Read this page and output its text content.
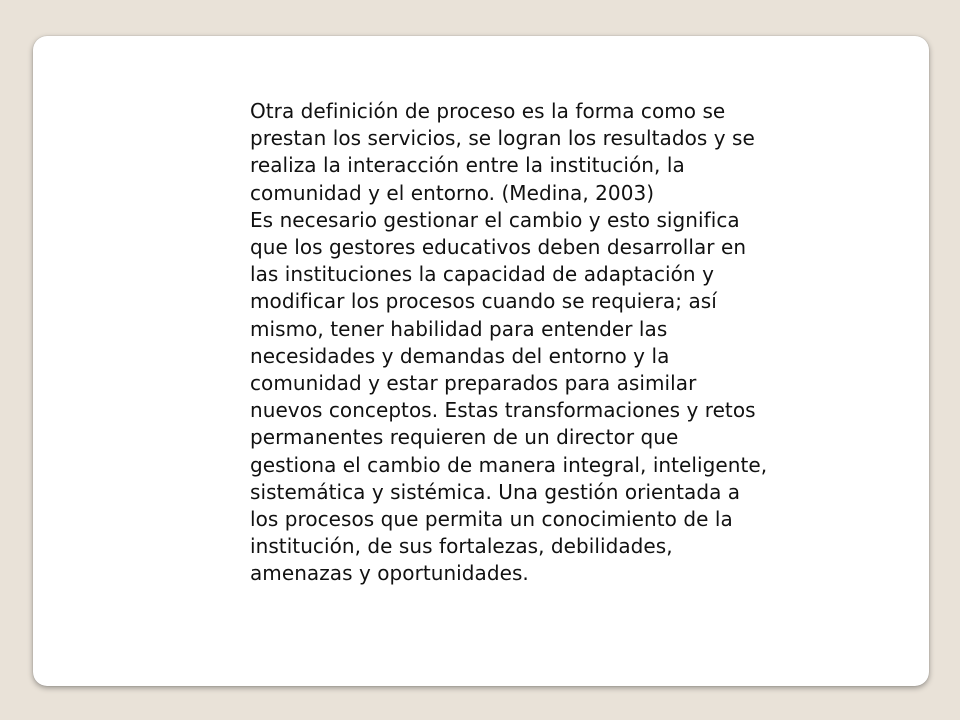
Otra definición de proceso es la forma como se
prestan los servicios, se logran los resultados y se
realiza la interacción entre la institución, la
comunidad y el entorno. (Medina, 2003)

Es necesario gestionar el cambio y esto significa
que los gestores educativos deben desarrollar en
las instituciones la capacidad de adaptación y
modificar los procesos cuando se requiera; así
mismo, tener habilidad para entender las
necesidades y demandas del entorno y la
comunidad y estar preparados para asimilar
nuevos conceptos. Estas transformaciones y retos
permanentes requieren de un director que
gestiona el cambio de manera integral, inteligente,
sistemática y sistémica. Una gestión orientada a
los procesos que permita un conocimiento de la
institución, de sus fortalezas, debilidades,
amenazas y oportunidades.
